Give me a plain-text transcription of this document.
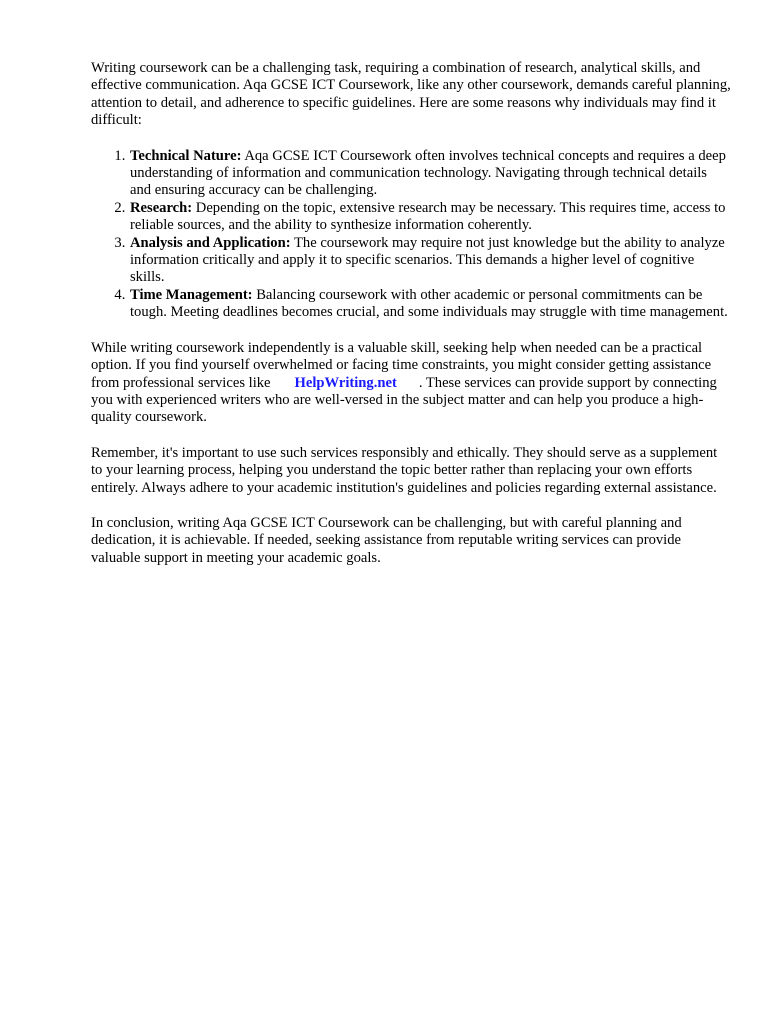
Writing coursework can be a challenging task, requiring a combination of research, analytical skills, and effective communication. Aqa GCSE ICT Coursework, like any other coursework, demands careful planning, attention to detail, and adherence to specific guidelines. Here are some reasons why individuals may find it difficult:

1. Technical Nature: Aqa GCSE ICT Coursework often involves technical concepts and requires a deep understanding of information and communication technology. Navigating through technical details and ensuring accuracy can be challenging.
2. Research: Depending on the topic, extensive research may be necessary. This requires time, access to reliable sources, and the ability to synthesize information coherently.
3. Analysis and Application: The coursework may require not just knowledge but the ability to analyze information critically and apply it to specific scenarios. This demands a higher level of cognitive skills.
4. Time Management: Balancing coursework with other academic or personal commitments can be tough. Meeting deadlines becomes crucial, and some individuals may struggle with time management.

While writing coursework independently is a valuable skill, seeking help when needed can be a practical option. If you find yourself overwhelmed or facing time constraints, you might consider getting assistance from professional services like HelpWriting.net . These services can provide support by connecting you with experienced writers who are well-versed in the subject matter and can help you produce a high-quality coursework.

Remember, it's important to use such services responsibly and ethically. They should serve as a supplement to your learning process, helping you understand the topic better rather than replacing your own efforts entirely. Always adhere to your academic institution's guidelines and policies regarding external assistance.

In conclusion, writing Aqa GCSE ICT Coursework can be challenging, but with careful planning and dedication, it is achievable. If needed, seeking assistance from reputable writing services can provide valuable support in meeting your academic goals.
